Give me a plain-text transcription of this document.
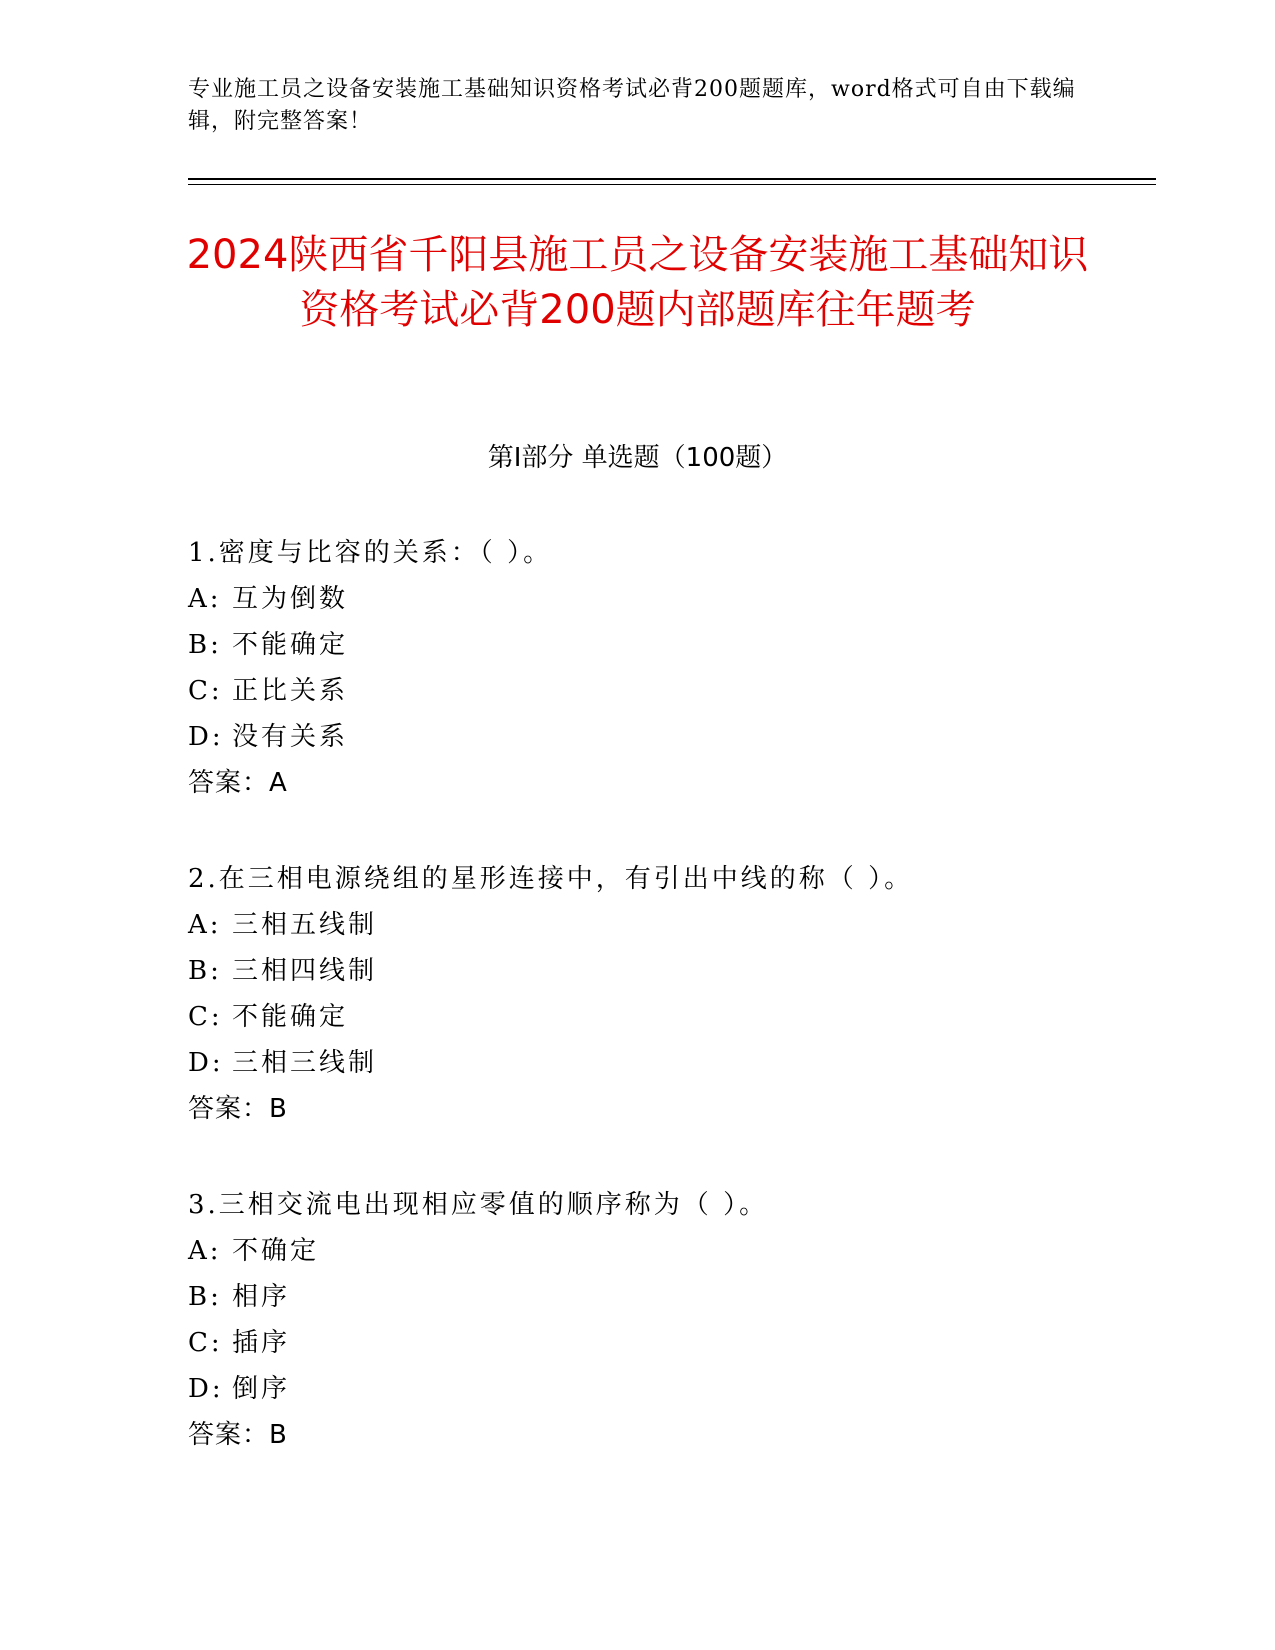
专业施工员之设备安装施工基础知识资格考试必背200题题库，word格式可自由下载编辑，附完整答案！
2024陕西省千阳县施工员之设备安装施工基础知识资格考试必背200题内部题库往年题考
第Ⅰ部分 单选题（100题）
1.密度与比容的关系：（ ）。
A: 互为倒数
B: 不能确定
C: 正比关系
D: 没有关系
答案：A
2.在三相电源绕组的星形连接中，有引出中线的称（ ）。
A: 三相五线制
B: 三相四线制
C: 不能确定
D: 三相三线制
答案：B
3.三相交流电出现相应零值的顺序称为（ ）。
A: 不确定
B: 相序
C: 插序
D: 倒序
答案：B
